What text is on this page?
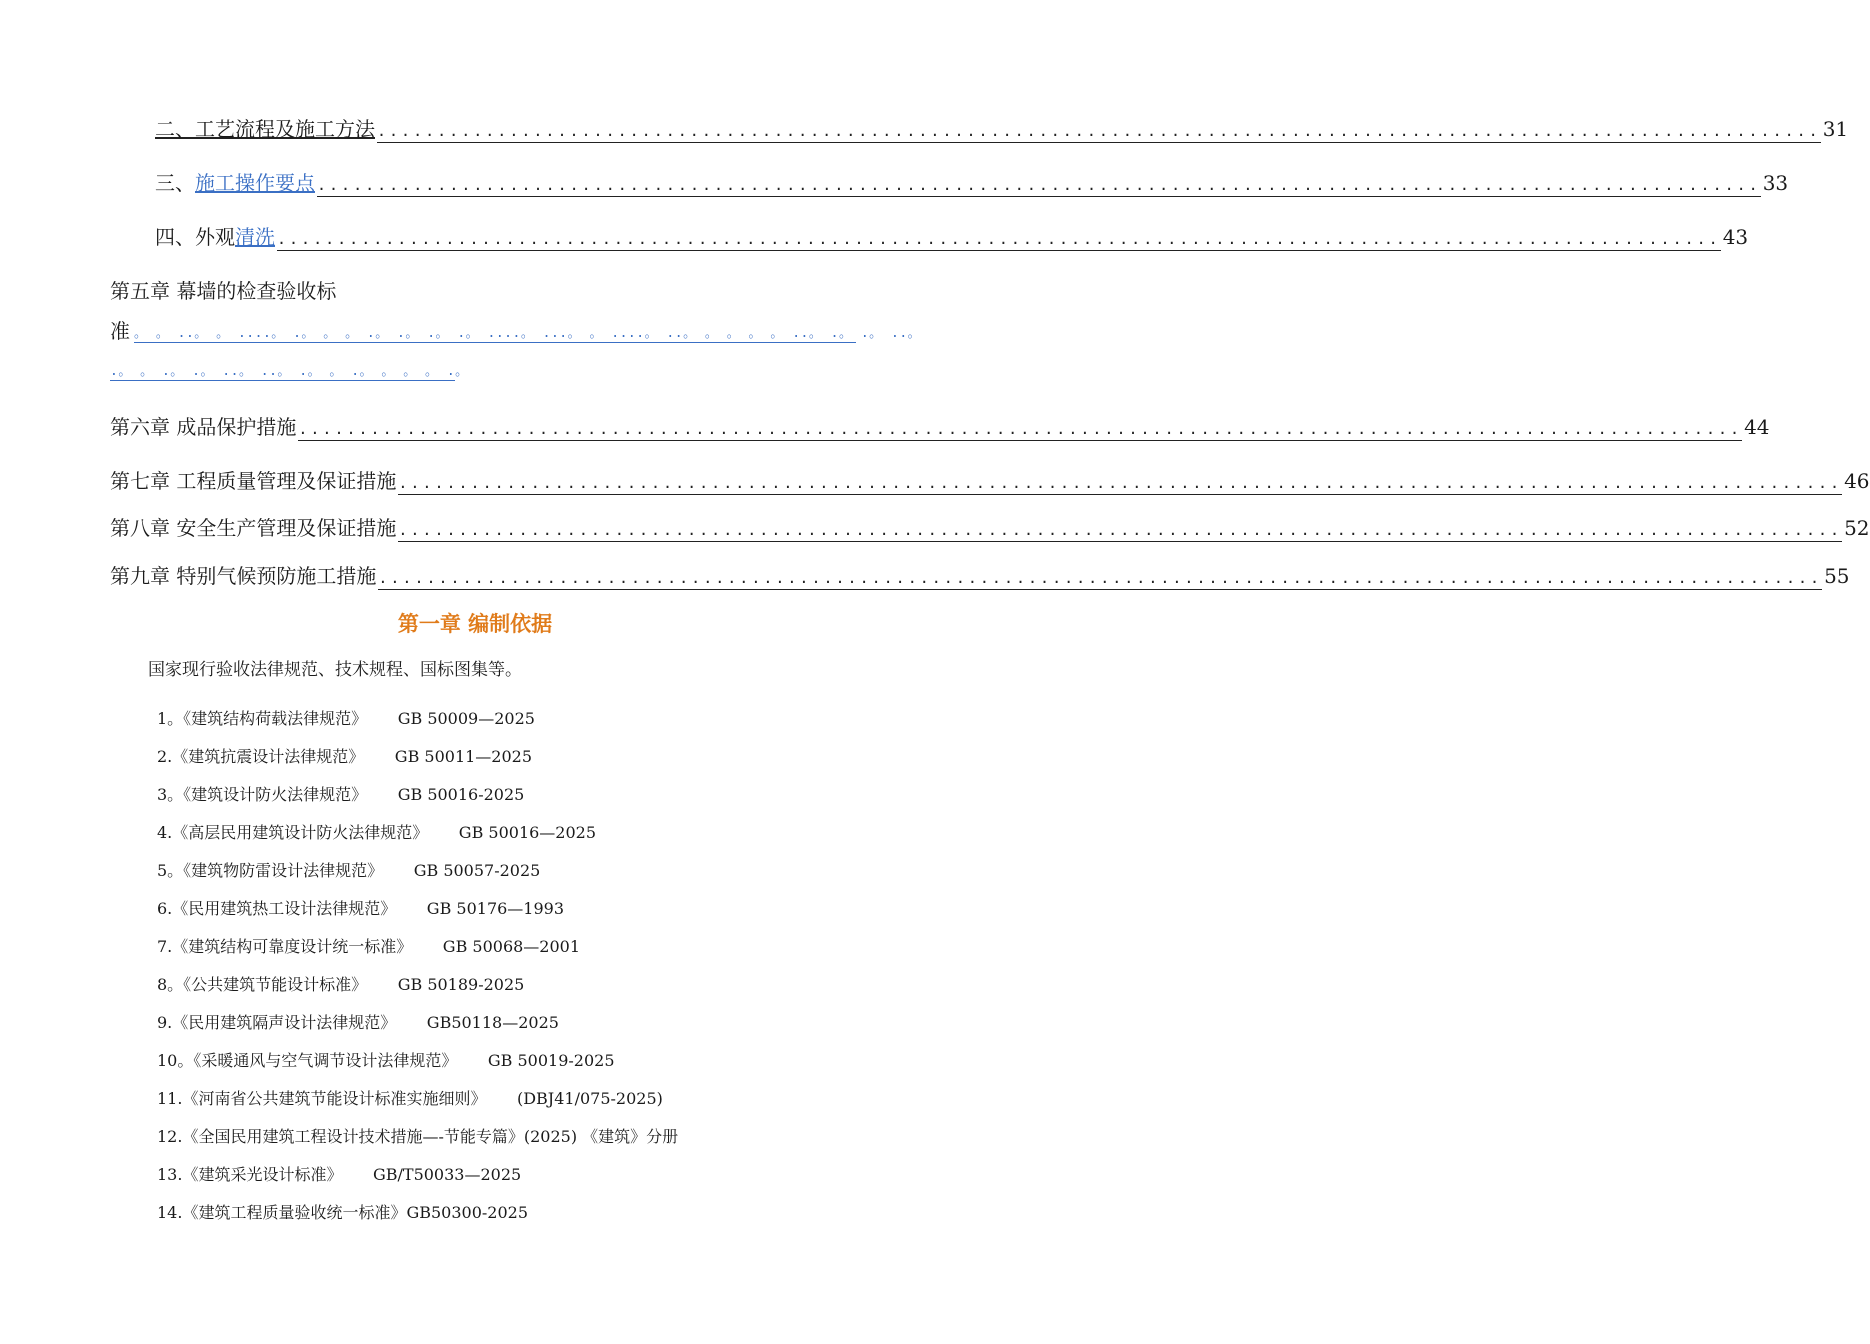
二、工艺流程及施工方法 ........................................................................................................................ 31
三、 施工操作要点 ........................................................................................................................ 33
四、外观 清洗 ........................................................................................................................ 43
第五章 幕墙的检查验收标
准 。 。 ..。 。 ....。 .。 。 。 .。 .。 .。 .。 ....。 ...。 。 ....。 ..。 。 。 。 。 ..。 .。 .。 ..。
.。 。 .。 .。 ..。 ..。 .。 。 .。 。 。 。 .。
第六章 成品保护措施 ........................................................................................................................ 44
第七章 工程质量管理及保证措施 ........................................................................................................................ 46
第八章 安全生产管理及保证措施 ........................................................................................................................ 52
第九章 特别气候预防施工措施 ........................................................................................................................ 55
第一章 编制依据
国家现行验收法律规范、技术规程、国标图集等。
1。《建筑结构荷载法律规范》      GB 50009—2025
2.《建筑抗震设计法律规范》      GB 50011—2025
3。《建筑设计防火法律规范》      GB 50016-2025
4.《高层民用建筑设计防火法律规范》      GB 50016—2025
5。《建筑物防雷设计法律规范》      GB 50057-2025
6.《民用建筑热工设计法律规范》      GB 50176—1993
7.《建筑结构可靠度设计统一标准》      GB 50068—2001
8。《公共建筑节能设计标准》      GB 50189-2025
9.《民用建筑隔声设计法律规范》      GB50118—2025
10。《采暖通风与空气调节设计法律规范》      GB 50019-2025
11.《河南省公共建筑节能设计标准实施细则》      (DBJ41/075-2025)
12.《全国民用建筑工程设计技术措施—-节能专篇》(2025) 《建筑》分册
13.《建筑采光设计标准》      GB/T50033—2025
14.《建筑工程质量验收统一标准》GB50300-2025
